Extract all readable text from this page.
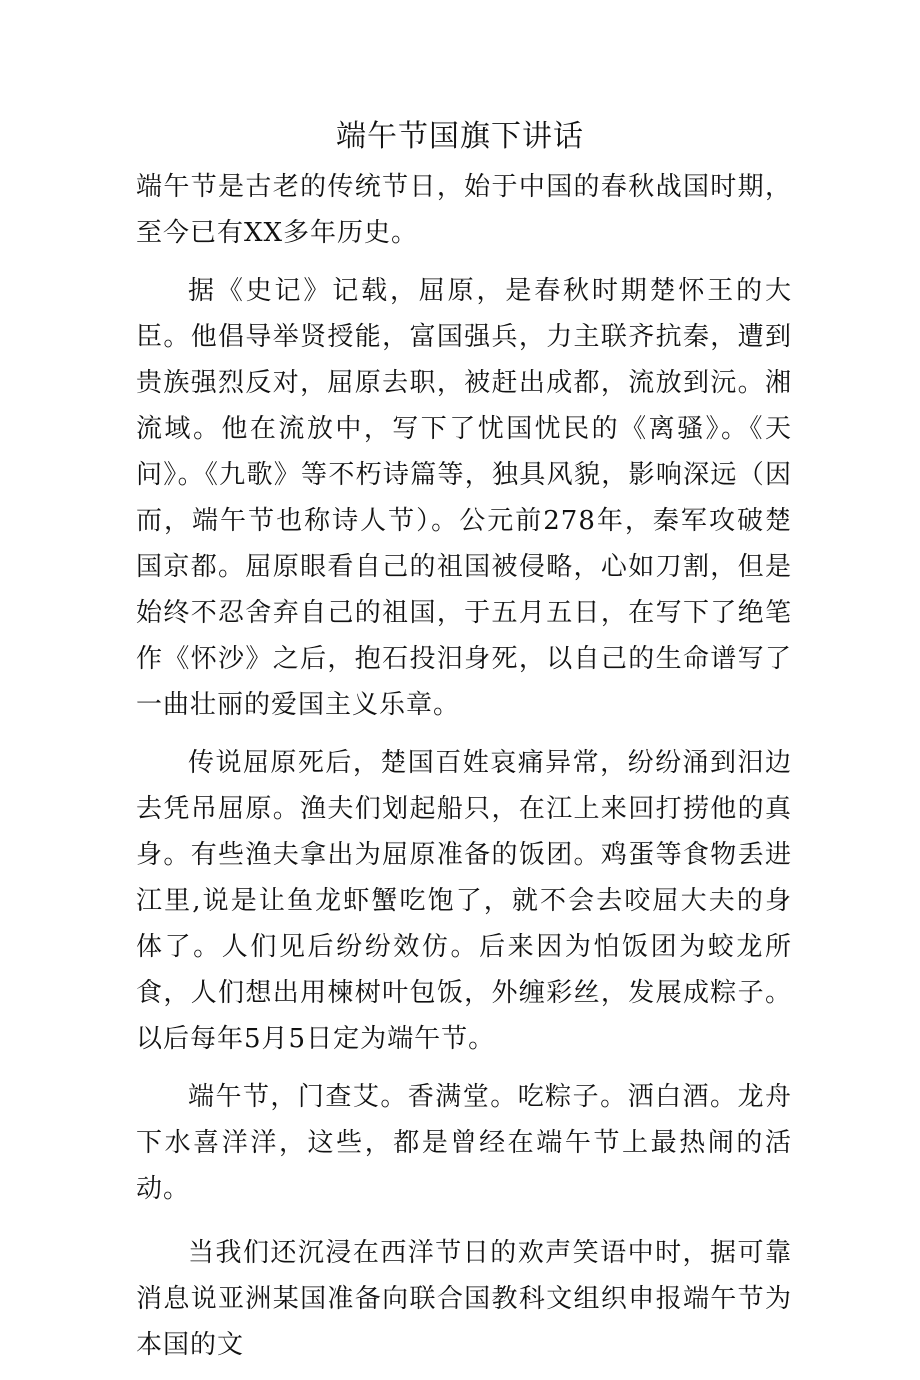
端午节国旗下讲话

端午节是古老的传统节日，始于中国的春秋战国时期，至今已有XX多年历史。

据《史记》记载，屈原，是春秋时期楚怀王的大臣。他倡导举贤授能，富国强兵，力主联齐抗秦，遭到贵族强烈反对，屈原去职，被赶出成都，流放到沅。湘流域。他在流放中，写下了忧国忧民的《离骚》。《天问》。《九歌》等不朽诗篇等，独具风貌，影响深远（因而，端午节也称诗人节）。公元前278年，秦军攻破楚国京都。屈原眼看自己的祖国被侵略，心如刀割，但是始终不忍舍弃自己的祖国，于五月五日，在写下了绝笔作《怀沙》之后，抱石投汨身死，以自己的生命谱写了一曲壮丽的爱国主义乐章。

传说屈原死后，楚国百姓哀痛异常，纷纷涌到汨边去凭吊屈原。渔夫们划起船只，在江上来回打捞他的真身。有些渔夫拿出为屈原准备的饭团。鸡蛋等食物丢进江里,说是让鱼龙虾蟹吃饱了，就不会去咬屈大夫的身体了。人们见后纷纷效仿。后来因为怕饭团为蛟龙所食，人们想出用楝树叶包饭，外缠彩丝，发展成粽子。以后每年5月5日定为端午节。

端午节，门查艾。香满堂。吃粽子。洒白酒。龙舟下水喜洋洋，这些，都是曾经在端午节上最热闹的活动。

当我们还沉浸在西洋节日的欢声笑语中时，据可靠消息说亚洲某国准备向联合国教科文组织申报端午节为本国的文
